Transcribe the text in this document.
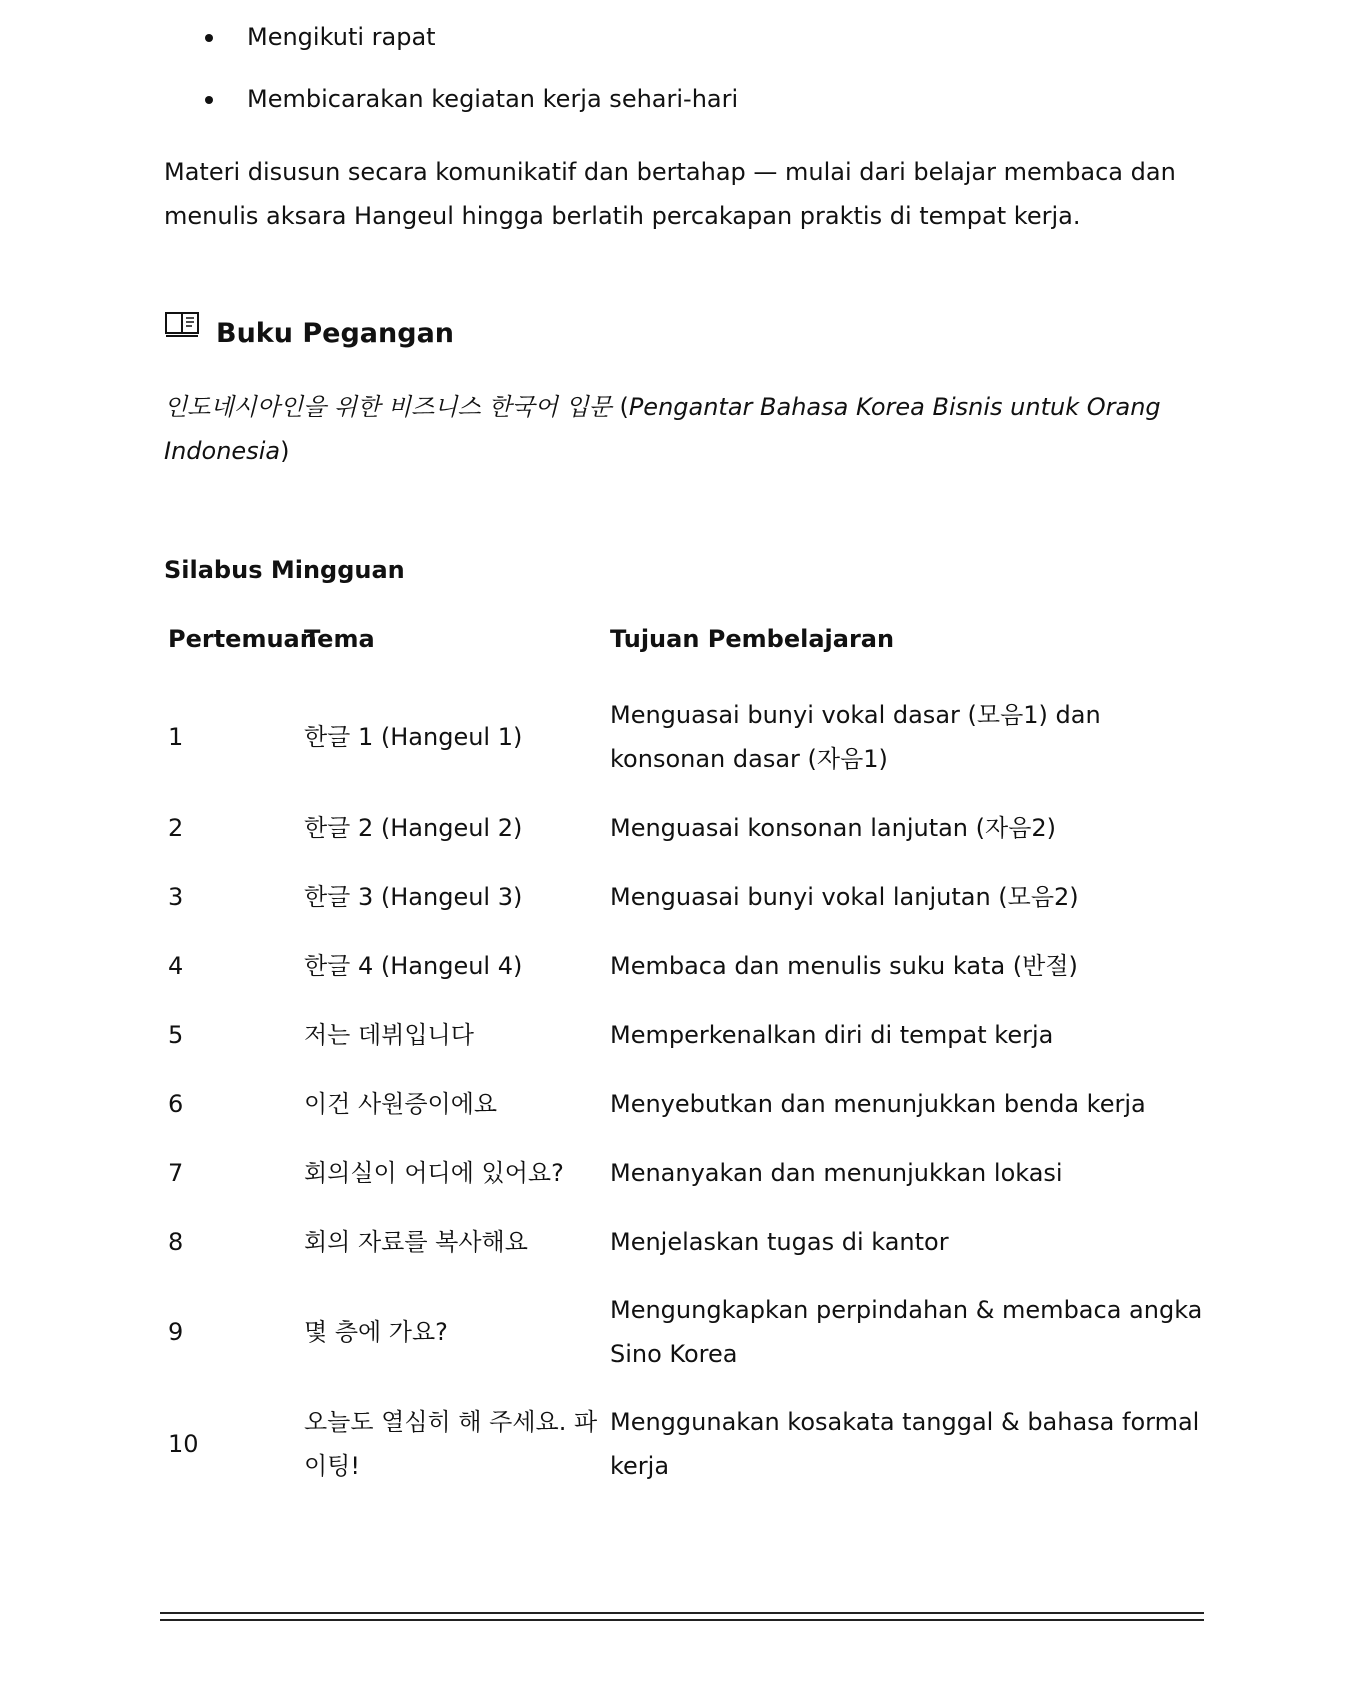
Mengikuti rapat
Membicarakan kegiatan kerja sehari-hari

Materi disusun secara komunikatif dan bertahap — mulai dari belajar membaca dan menulis aksara Hangeul hingga berlatih percakapan praktis di tempat kerja.

Buku Pegangan

인도네시아인을 위한 비즈니스 한국어 입문 (Pengantar Bahasa Korea Bisnis untuk Orang Indonesia)

Silabus Mingguan
Pertemuan	Tema	Tujuan Pembelajaran

1	한글 1 (Hangeul 1)	Menguasai bunyi vokal dasar (모음1) dan konsonan dasar (자음1)
2	한글 2 (Hangeul 2)	Menguasai konsonan lanjutan (자음2)
3	한글 3 (Hangeul 3)	Menguasai bunyi vokal lanjutan (모음2)
4	한글 4 (Hangeul 4)	Membaca dan menulis suku kata (반절)
5	저는 데뷔입니다	Memperkenalkan diri di tempat kerja
6	이건 사원증이에요	Menyebutkan dan menunjukkan benda kerja
7	회의실이 어디에 있어요?	Menanyakan dan menunjukkan lokasi
8	회의 자료를 복사해요	Menjelaskan tugas di kantor
9	몇 층에 가요?	Mengungkapkan perpindahan & membaca angka Sino Korea
10	오늘도 열심히 해 주세요. 파이팅!	Menggunakan kosakata tanggal & bahasa formal kerja
